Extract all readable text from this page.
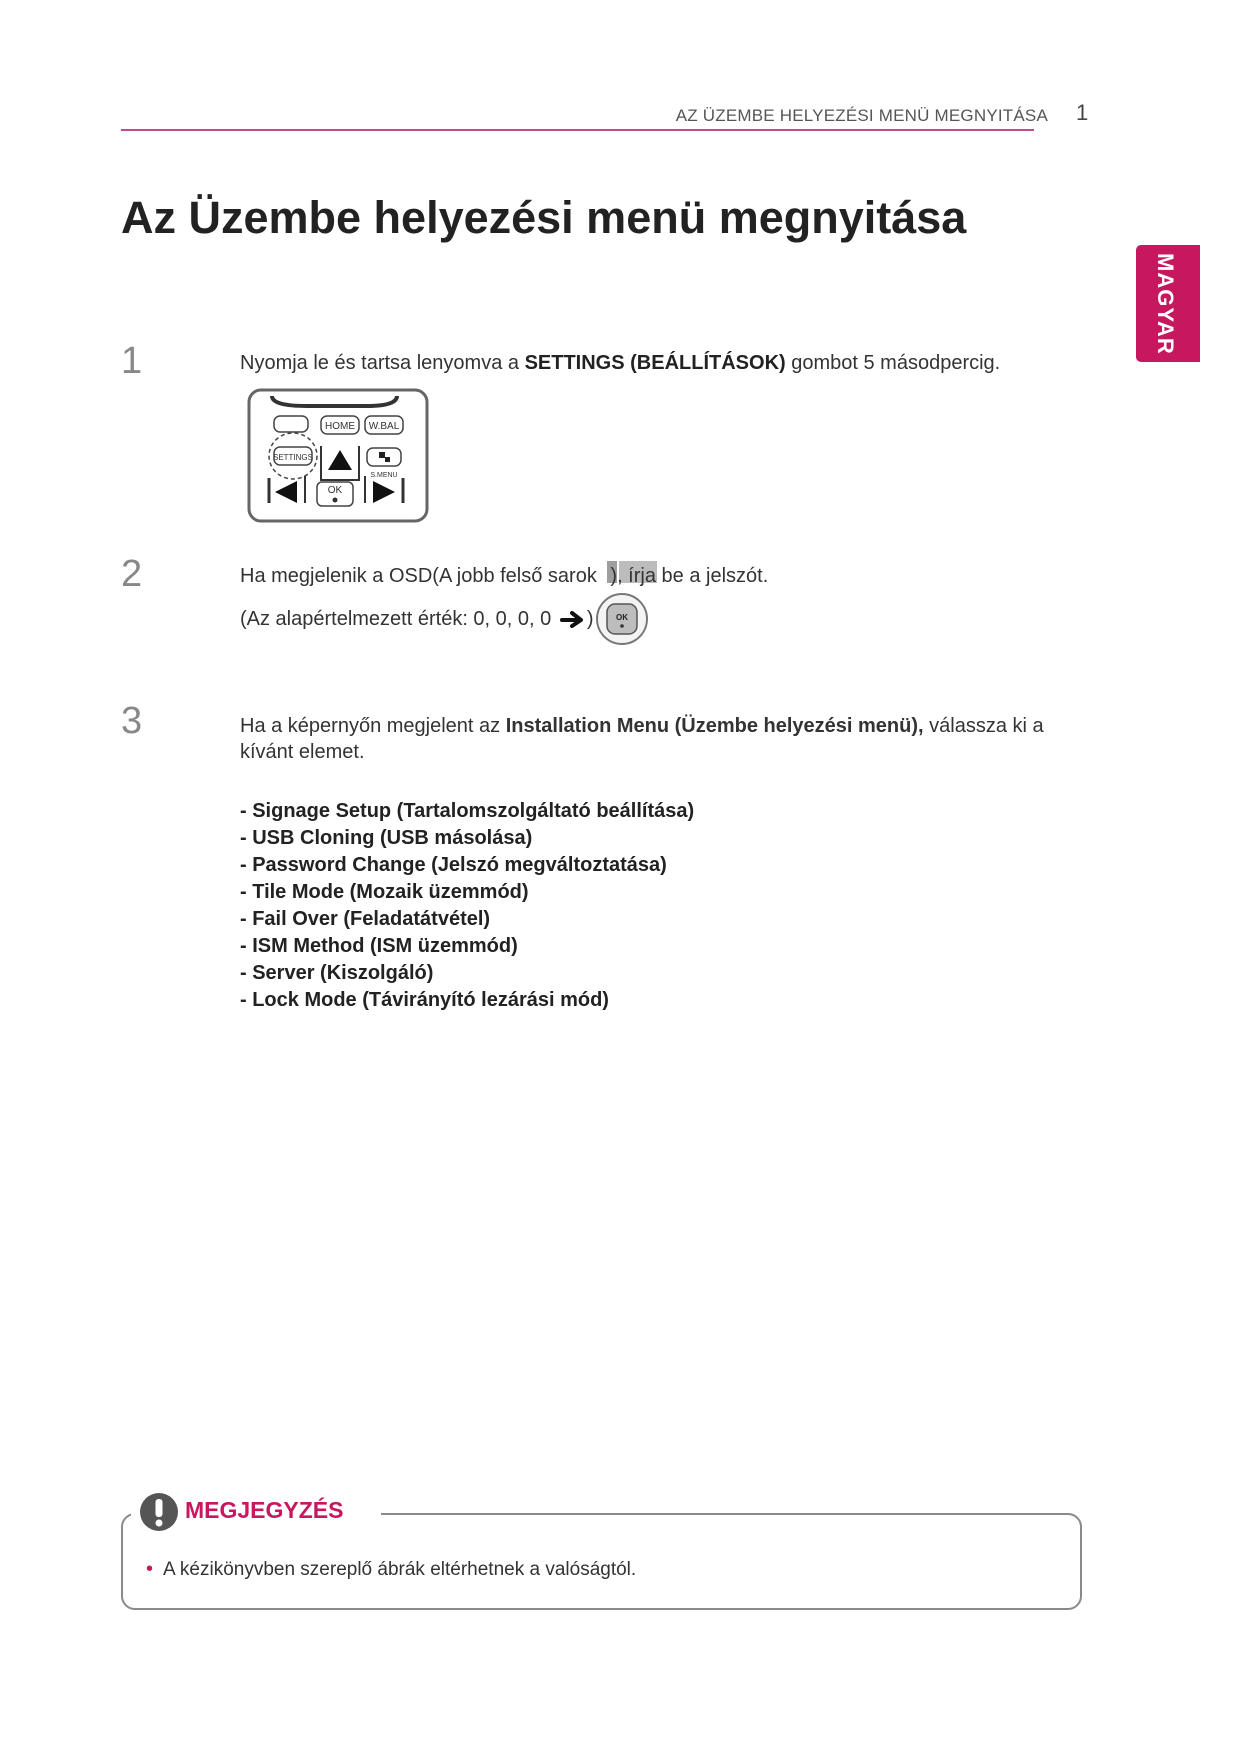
AZ ÜZEMBE HELYEZÉSI MENÜ MEGNYITÁSA 1
MAGYAR
Az Üzembe helyezési menü megnyitása
1	Nyomja le és tartsa lenyomva a SETTINGS (BEÁLLÍTÁSOK) gombot 5 másodpercig.
HOME W.BAL
SETTINGS
S.MENU
OK
2	Ha megjelenik a OSD(A jobb felső sarok ), írja be a jelszót.
(Az alapértelmezett érték: 0, 0, 0, 0 )	OK
3	Ha a képernyőn megjelent az Installation Menu (Üzembe helyezési menü), válassza ki a kívánt elemet.
- Signage Setup (Tartalomszolgáltató beállítása)
- USB Cloning (USB másolása)
- Password Change (Jelszó megváltoztatása)
- Tile Mode (Mozaik üzemmód)
- Fail Over (Feladatátvétel)
- ISM Method (ISM üzemmód)
- Server (Kiszolgáló)
- Lock Mode (Távirányító lezárási mód)
MEGJEGYZÉS
• A kézikönyvben szereplő ábrák eltérhetnek a valóságtól.
